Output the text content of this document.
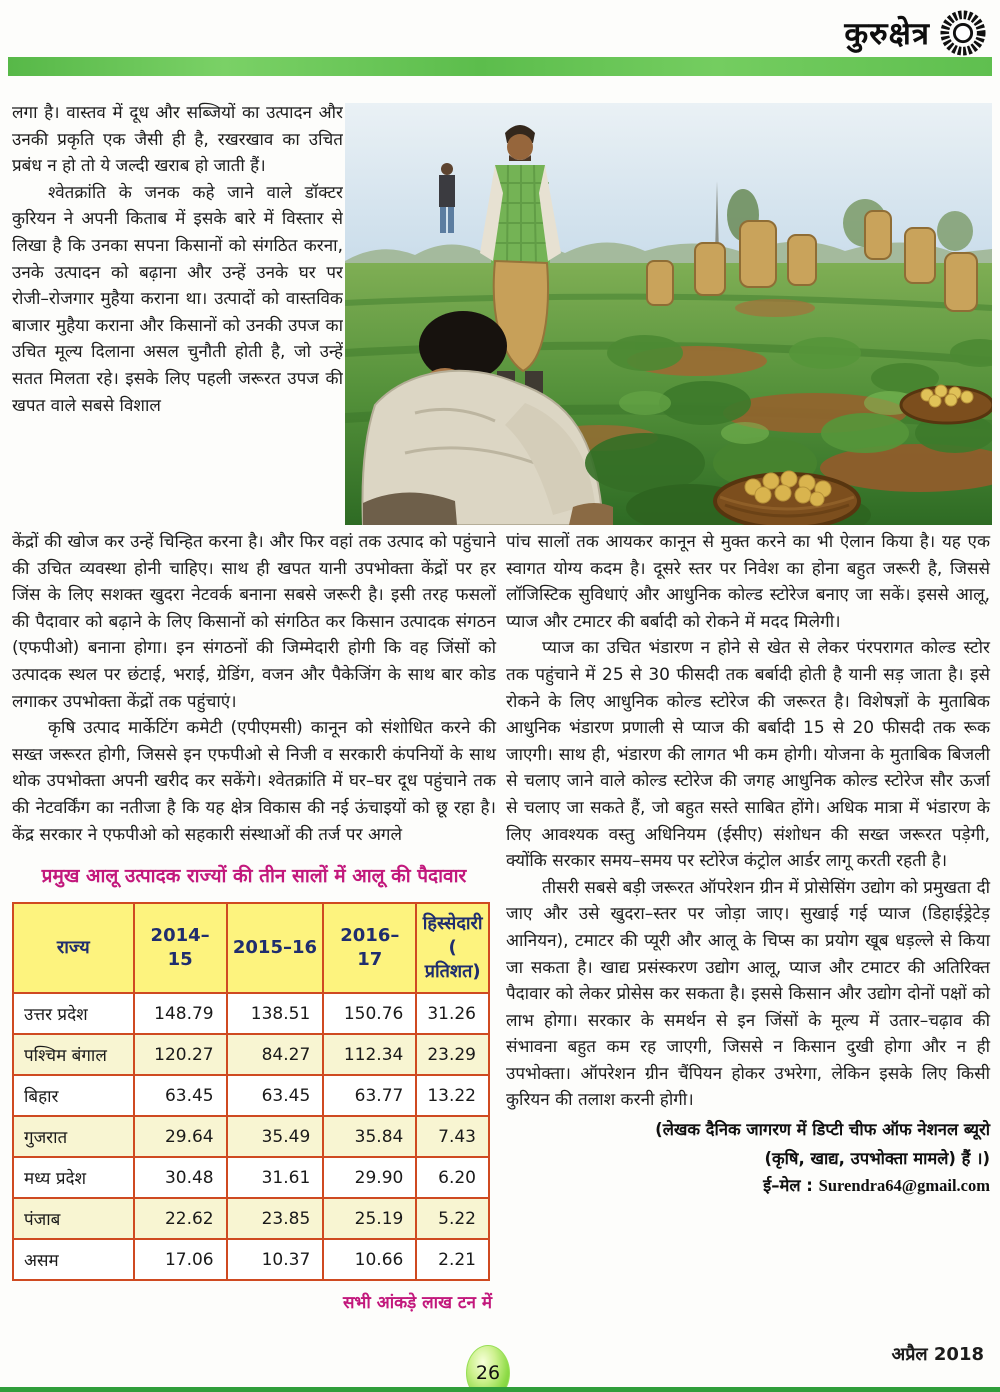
कुरुक्षेत्र

लगा है। वास्तव में दूध और सब्जियों का उत्पादन और उनकी प्रकृति एक जैसी ही है, रखरखाव का उचित प्रबंध न हो तो ये जल्दी खराब हो जाती हैं।

श्वेतक्रांति के जनक कहे जाने वाले डॉक्टर कुरियन ने अपनी किताब में इसके बारे में विस्तार से लिखा है कि उनका सपना किसानों को संगठित करना, उनके उत्पादन को बढ़ाना और उन्हें उनके घर पर रोजी–रोजगार मुहैया कराना था। उत्पादों को वास्तविक बाजार मुहैया कराना और किसानों को उनकी उपज का उचित मूल्य दिलाना असल चुनौती होती है, जो उन्हें सतत मिलता रहे। इसके लिए पहली जरूरत उपज की खपत वाले सबसे विशाल

केंद्रों की खोज कर उन्हें चिन्हित करना है। और फिर वहां तक उत्पाद को पहुंचाने की उचित व्यवस्था होनी चाहिए। साथ ही खपत यानी उपभोक्ता केंद्रों पर हर जिंस के लिए सशक्त खुदरा नेटवर्क बनाना सबसे जरूरी है। इसी तरह फसलों की पैदावार को बढ़ाने के लिए किसानों को संगठित कर किसान उत्पादक संगठन (एफपीओ) बनाना होगा। इन संगठनों की जिम्मेदारी होगी कि वह जिंसों को उत्पादक स्थल पर छंटाई, भराई, ग्रेडिंग, वजन और पैकेजिंग के साथ बार कोड लगाकर उपभोक्ता केंद्रों तक पहुंचाएं।

कृषि उत्पाद मार्केटिंग कमेटी (एपीएमसी) कानून को संशोधित करने की सख्त जरूरत होगी, जिससे इन एफपीओ से निजी व सरकारी कंपनियों के साथ थोक उपभोक्ता अपनी खरीद कर सकेंगे। श्वेतक्रांति में घर–घर दूध पहुंचाने तक की नेटवर्किंग का नतीजा है कि यह क्षेत्र विकास की नई ऊंचाइयों को छू रहा है। केंद्र सरकार ने एफपीओ को सहकारी संस्थाओं की तर्ज पर अगले

प्रमुख आलू उत्पादक राज्यों की तीन सालों में आलू की पैदावार
राज्य	2014–15	2015–16	2016–17	हिस्सेदारी ( प्रतिशत)
उत्तर प्रदेश	148.79	138.51	150.76	31.26
पश्चिम बंगाल	120.27	84.27	112.34	23.29
बिहार	63.45	63.45	63.77	13.22
गुजरात	29.64	35.49	35.84	7.43
मध्य प्रदेश	30.48	31.61	29.90	6.20
पंजाब	22.62	23.85	25.19	5.22
असम	17.06	10.37	10.66	2.21
सभी आंकड़े लाख टन में

पांच सालों तक आयकर कानून से मुक्त करने का भी ऐलान किया है। यह एक स्वागत योग्य कदम है। दूसरे स्तर पर निवेश का होना बहुत जरूरी है, जिससे लॉजिस्टिक सुविधाएं और आधुनिक कोल्ड स्टोरेज बनाए जा सकें। इससे आलू, प्याज और टमाटर की बर्बादी को रोकने में मदद मिलेगी।

प्याज का उचित भंडारण न होने से खेत से लेकर पंरपरागत कोल्ड स्टोर तक पहुंचाने में 25 से 30 फीसदी तक बर्बादी होती है यानी सड़ जाता है। इसे रोकने के लिए आधुनिक कोल्ड स्टोरेज की जरूरत है। विशेषज्ञों के मुताबिक आधुनिक भंडारण प्रणाली से प्याज की बर्बादी 15 से 20 फीसदी तक रूक जाएगी। साथ ही, भंडारण की लागत भी कम होगी। योजना के मुताबिक बिजली से चलाए जाने वाले कोल्ड स्टोरेज की जगह आधुनिक कोल्ड स्टोरेज सौर ऊर्जा से चलाए जा सकते हैं, जो बहुत सस्ते साबित होंगे। अधिक मात्रा में भंडारण के लिए आवश्यक वस्तु अधिनियम (ईसीए) संशोधन की सख्त जरूरत पड़ेगी, क्योंकि सरकार समय–समय पर स्टोरेज कंट्रोल आर्डर लागू करती रहती है।

तीसरी सबसे बड़ी जरूरत ऑपरेशन ग्रीन में प्रोसेसिंग उद्योग को प्रमुखता दी जाए और उसे खुदरा–स्तर पर जोड़ा जाए। सुखाई गई प्याज (डिहाईड्रेटेड़ आनियन), टमाटर की प्यूरी और आलू के चिप्स का प्रयोग खूब धड़ल्ले से किया जा सकता है। खाद्य प्रसंस्करण उद्योग आलू, प्याज और टमाटर की अतिरिक्त पैदावार को लेकर प्रोसेस कर सकता है। इससे किसान और उद्योग दोनों पक्षों को लाभ होगा। सरकार के समर्थन से इन जिंसों के मूल्य में उतार–चढ़ाव की संभावना बहुत कम रह जाएगी, जिससे न किसान दुखी होगा और न ही उपभोक्ता। ऑपरेशन ग्रीन चैंपियन होकर उभरेगा, लेकिन इसके लिए किसी कुरियन की तलाश करनी होगी।

(लेखक दैनिक जागरण में डिप्टी चीफ ऑफ नेशनल ब्यूरो
(कृषि, खाद्य, उपभोक्ता मामले) हैं ।)
ई–मेल : Surendra64@gmail.com
26
अप्रैल 2018
